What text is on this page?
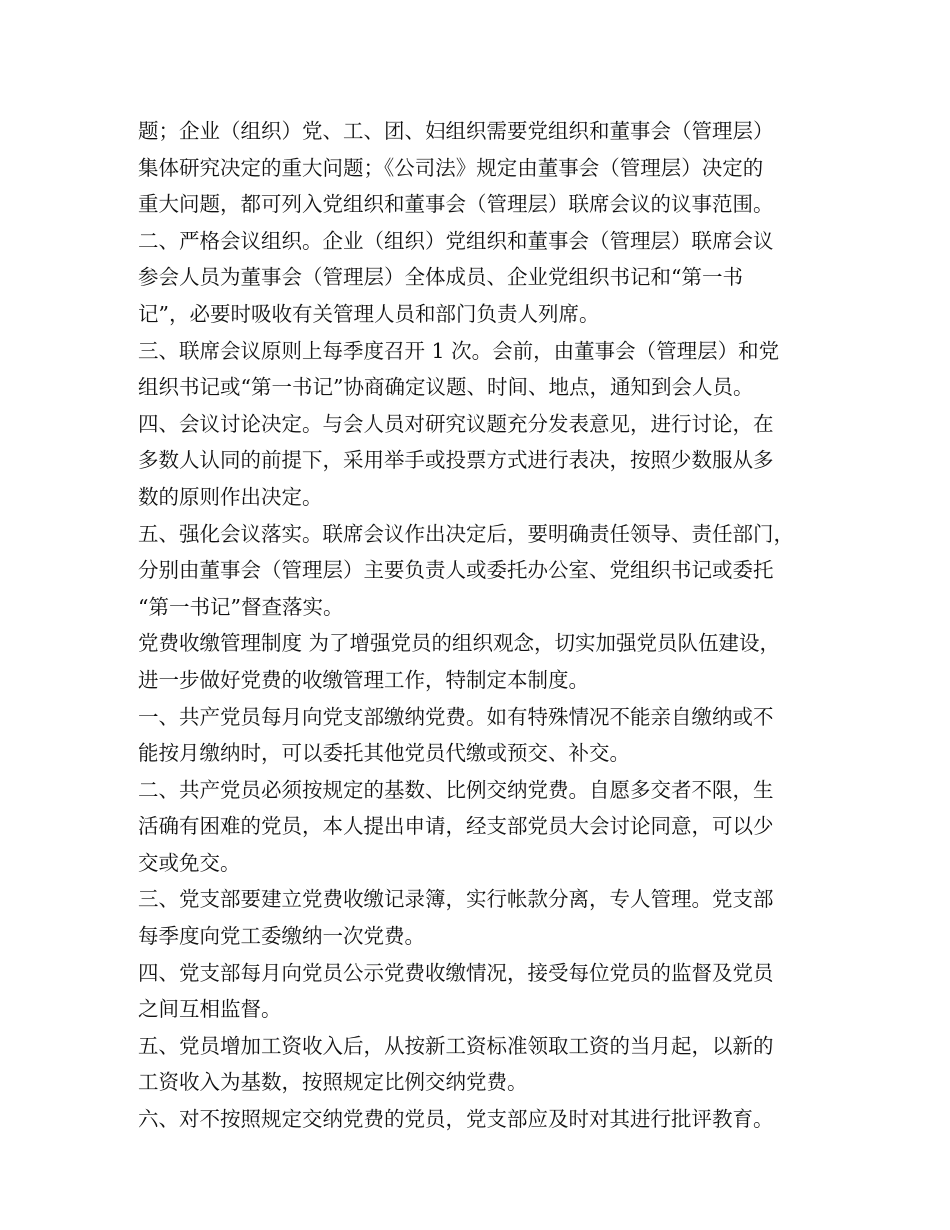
题；企业（组织）党、工、团、妇组织需要党组织和董事会（管理层）
集体研究决定的重大问题；《公司法》规定由董事会（管理层）决定的
重大问题，都可列入党组织和董事会（管理层）联席会议的议事范围。
二、严格会议组织。企业（组织）党组织和董事会（管理层）联席会议
参会人员为董事会（管理层）全体成员、企业党组织书记和“第一书
记”，必要时吸收有关管理人员和部门负责人列席。
三、联席会议原则上每季度召开 1 次。会前，由董事会（管理层）和党
组织书记或“第一书记”协商确定议题、时间、地点，通知到会人员。
四、会议讨论决定。与会人员对研究议题充分发表意见，进行讨论，在
多数人认同的前提下，采用举手或投票方式进行表决，按照少数服从多
数的原则作出决定。
五、强化会议落实。联席会议作出决定后，要明确责任领导、责任部门，
分别由董事会（管理层）主要负责人或委托办公室、党组织书记或委托
“第一书记”督查落实。
党费收缴管理制度 为了增强党员的组织观念，切实加强党员队伍建设，
进一步做好党费的收缴管理工作，特制定本制度。
一、共产党员每月向党支部缴纳党费。如有特殊情况不能亲自缴纳或不
能按月缴纳时，可以委托其他党员代缴或预交、补交。
二、共产党员必须按规定的基数、比例交纳党费。自愿多交者不限，生
活确有困难的党员，本人提出申请，经支部党员大会讨论同意，可以少
交或免交。
三、党支部要建立党费收缴记录簿，实行帐款分离，专人管理。党支部
每季度向党工委缴纳一次党费。
四、党支部每月向党员公示党费收缴情况，接受每位党员的监督及党员
之间互相监督。
五、党员增加工资收入后，从按新工资标准领取工资的当月起，以新的
工资收入为基数，按照规定比例交纳党费。
六、对不按照规定交纳党费的党员，党支部应及时对其进行批评教育。
